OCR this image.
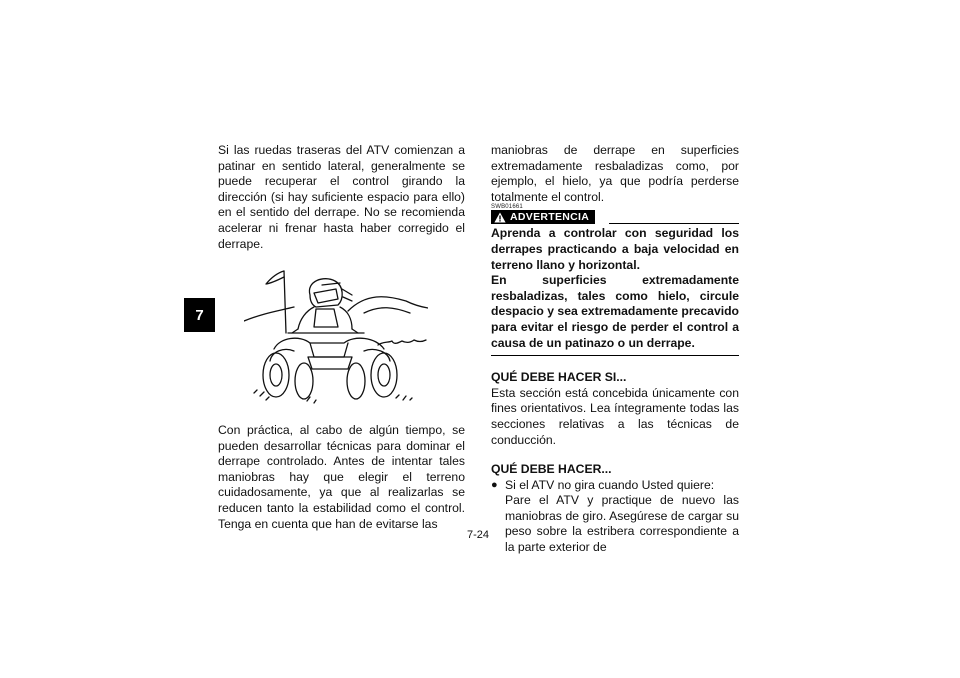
7

Si las ruedas traseras del ATV comienzan a patinar en sentido lateral, generalmente se puede recuperar el control girando la dirección (si hay suficiente espacio para ello) en el sentido del derrape. No se recomienda acelerar ni frenar hasta haber corregido el derrape.

Con práctica, al cabo de algún tiempo, se pueden desarrollar técnicas para dominar el derrape controlado. Antes de intentar tales maniobras hay que elegir el terreno cuidadosamente, ya que al realizarlas se reducen tanto la estabilidad como el control. Tenga en cuenta que han de evitarse las

maniobras de derrape en superficies extremadamente resbaladizas como, por ejemplo, el hielo, ya que podría perderse totalmente el control.

SWB01661
ADVERTENCIA

Aprenda a controlar con seguridad los derrapes practicando a baja velocidad en terreno llano y horizontal.

En superficies extremadamente resbaladizas, tales como hielo, circule despacio y sea extremadamente precavido para evitar el riesgo de perder el control a causa de un patinazo o un derrape.

QUÉ DEBE HACER SI...

Esta sección está concebida únicamente con fines orientativos. Lea íntegramente todas las secciones relativas a las técnicas de conducción.

QUÉ DEBE HACER...

● Si el ATV no gira cuando Usted quiere:

Pare el ATV y practique de nuevo las maniobras de giro. Asegúrese de cargar su peso sobre la estribera correspondiente a la parte exterior de

7-24
